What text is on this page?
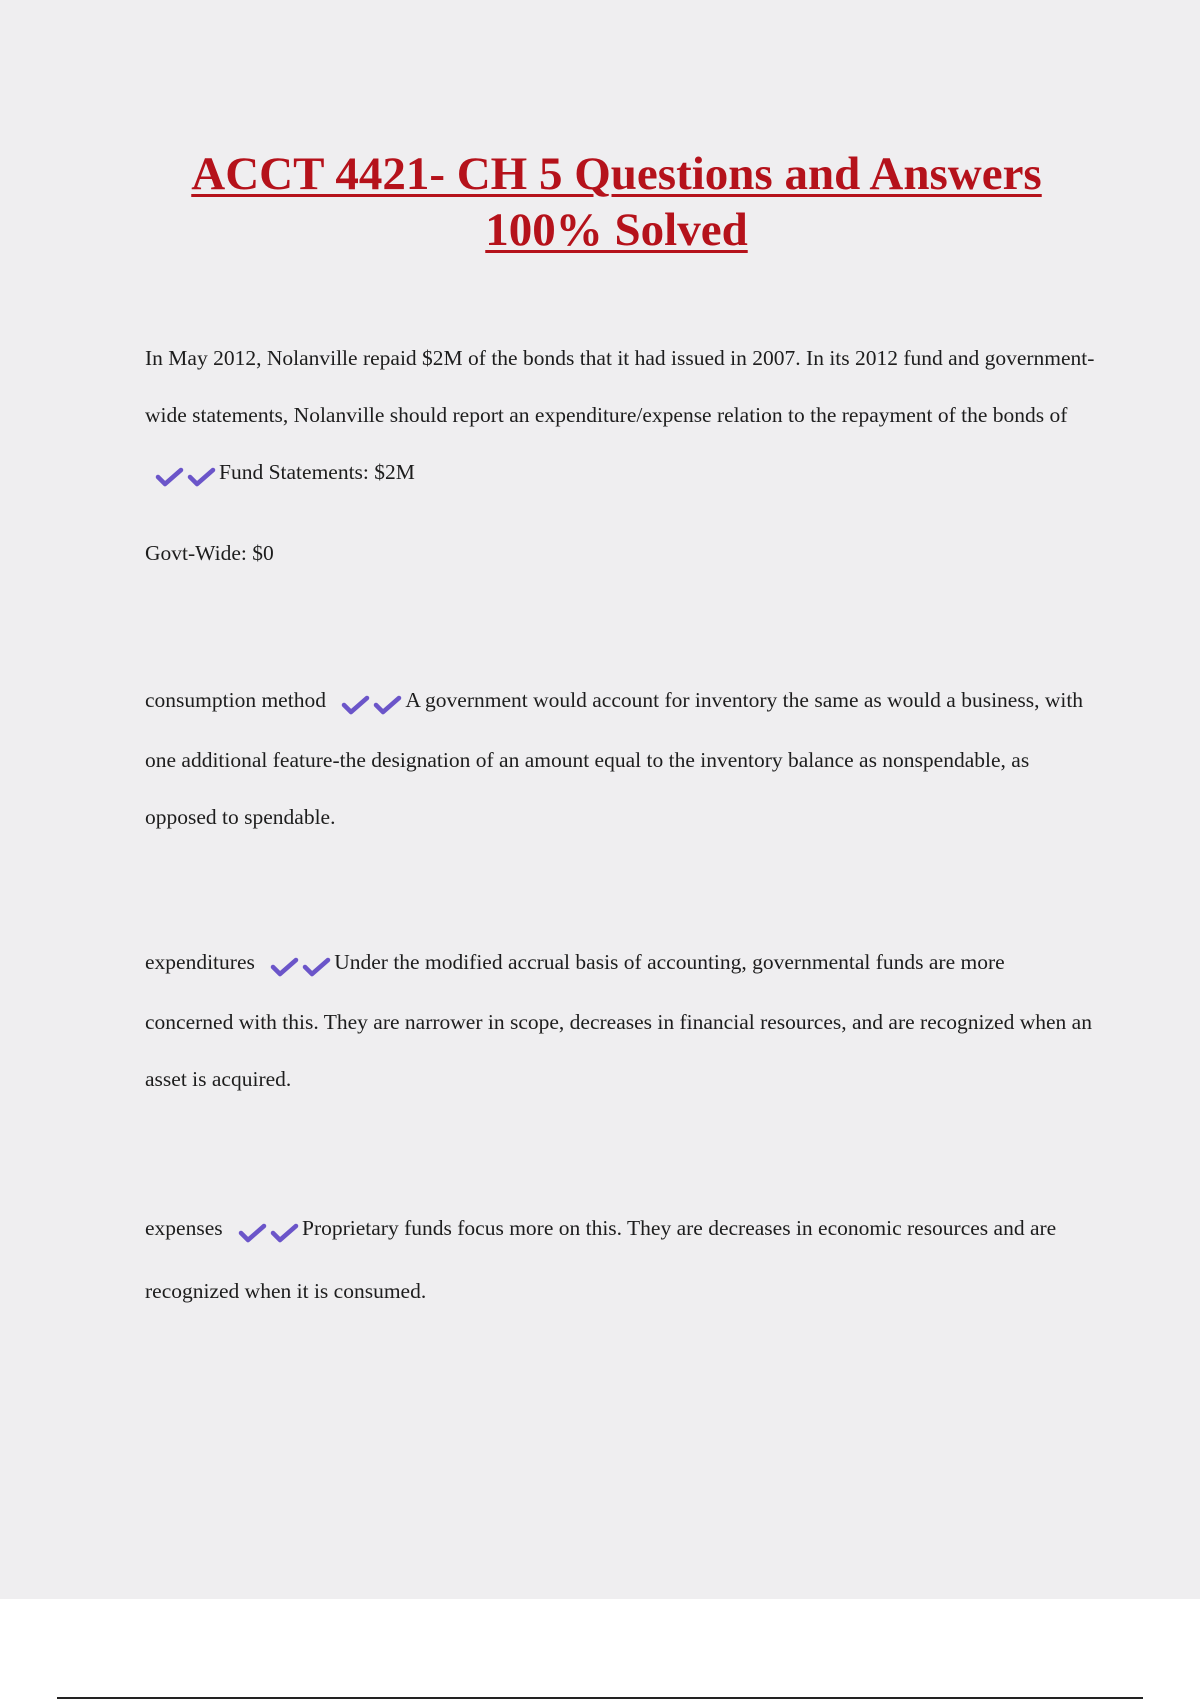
ACCT 4421- CH 5 Questions and Answers
100% Solved

In May 2012, Nolanville repaid $2M of the bonds that it had issued in 2007. In its 2012 fund and government-wide statements, Nolanville should report an expenditure/expense relation to the repayment of the bonds of Fund Statements: $2M

Govt-Wide: $0

consumption method	A government would account for inventory the same as would a business, with one additional feature-the designation of an amount equal to the inventory balance as nonspendable, as opposed to spendable.

expenditures	Under the modified accrual basis of accounting, governmental funds are more concerned with this. They are narrower in scope, decreases in financial resources, and are recognized when an asset is acquired.

expenses	Proprietary funds focus more on this. They are decreases in economic resources and are recognized when it is consumed.
